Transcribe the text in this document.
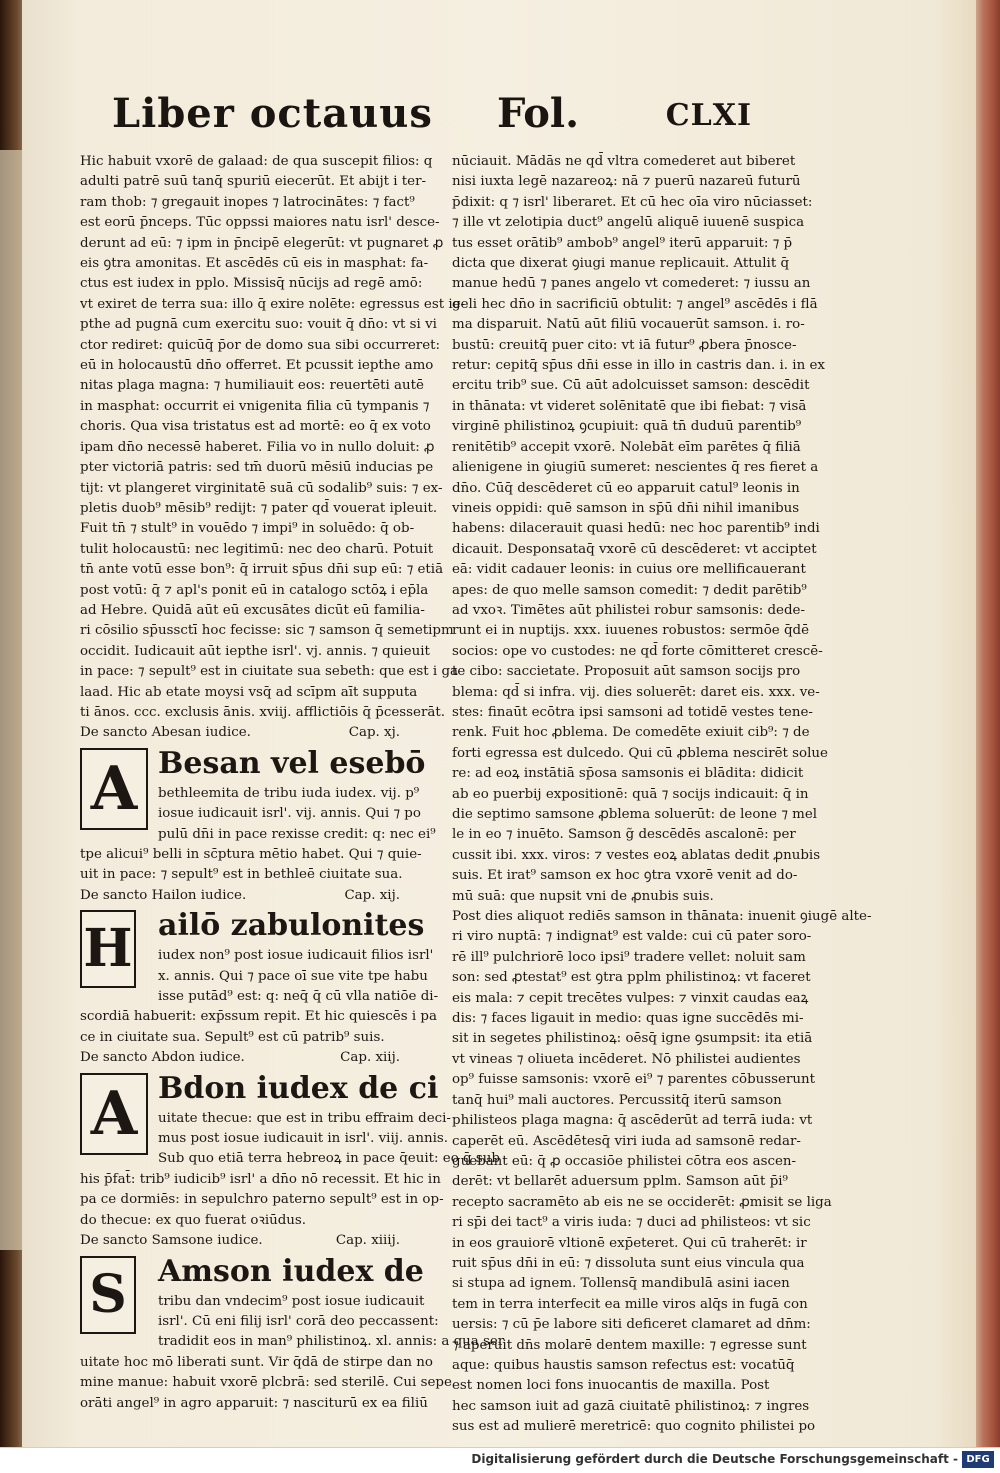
Liber octauus Fol.	CLXI
Hic habuit vxorē de galaad: de qua suscepit filios: q
adulti patrē suū tanq̄ spuriū eiecerūt. Et abijt i ter-
ram thob: ⁊ gregauit inopes ⁊ latrocinātes: ⁊ fact⁹
est eorū p̄nceps. Tūc oppssi maiores natu isrl' desce-
derunt ad eū: ⁊ ipm in p̄ncipē elegerūt: vt pugnaret ꝓ
eis ꝯtra amonitas. Et ascēdēs cū eis in masphat: fa-
ctus est iudex in pplo. Missisq̄ nūcijs ad regē amō:
vt exiret de terra sua: illo q̄ exire nolēte: egressus est ie-
pthe ad pugnā cum exercitu suo: vouit q̄ dn̄o: vt si vi
ctor rediret: quicūq̄ p̄or de domo sua sibi occurreret:
eū in holocaustū dn̄o offerret. Et pcussit iepthe amo
nitas plaga magna: ⁊ humiliauit eos: reuertēti autē
in masphat: occurrit ei vnigenita filia cū tympanis ⁊
choris. Qua visa tristatus est ad mortē: eo q̄ ex voto
ipam dn̄o necessē haberet. Filia vo in nullo doluit: ꝓ
pter victoriā patris: sed tm̄ duorū mēsiū inducias pe
tijt: vt plangeret virginitatē suā cū sodalib⁹ suis: ⁊ ex-
pletis duob⁹ mēsib⁹ redijt: ⁊ pater qd̄ vouerat ipleuit.
Fuit tn̄ ⁊ stult⁹ in vouēdo ⁊ impi⁹ in soluēdo: q̄ ob-
tulit holocaustū: nec legitimū: nec deo charū. Potuit
tn̄ ante votū esse bon⁹: q̄ irruit sp̄us dn̄i sup eū: ⁊ etiā
post votū: q̄ ⁊ apl's ponit eū in catalogo sctōꝝ i ep̄la
ad Hebre. Quidā aūt eū excusātes dicūt eū familia-
ri cōsilio sp̄ussctī hoc fecisse: sic ⁊ samson q̄ semetipm
occidit. Iudicauit aūt iepthe isrl'. vj. annis. ⁊ quieuit
in pace: ⁊ sepult⁹ est in ciuitate sua sebeth: que est i ga
laad. Hic ab etate moysi vsq̄ ad scīpm aīt supputa
ti ānos. ccc. exclusis ānis. xviij. afflictiōis q̄ p̄cesserāt.
De sancto Abesan iudice.	Cap. xj.
A Besan vel esebō
bethleemita de tribu iuda iudex. vij. p⁹
iosue iudicauit isrl'. vij. annis. Qui ⁊ po
pulū dn̄i in pace rexisse credit: q: nec ei⁹
tpe alicui⁹ belli in sc̄ptura mētio habet. Qui ⁊ quie-
uit in pace: ⁊ sepult⁹ est in bethleē ciuitate sua.
De sancto Hailon iudice.	Cap. xij.
H ailō zabulonites
iudex non⁹ post iosue iudicauit filios isrl'
x. annis. Qui ⁊ pace oī sue vite tpe habu
isse putād⁹ est: q: neq̄ q̄ cū vlla natiōe di-
scordiā habuerit: exp̄ssum repit. Et hic quiescēs i pa
ce in ciuitate sua. Sepult⁹ est cū patrib⁹ suis.
De sancto Abdon iudice.	Cap. xiij.
A Bdon iudex de ci
uitate thecue: que est in tribu effraim deci-
mus post iosue iudicauit in isrl'. viij. annis.
Sub quo etiā terra hebreoꝝ in pace q̄euit: eo q̄ sub
his p̄fat̄: trib⁹ iudicib⁹ isrl' a dn̄o nō recessit. Et hic in
pa ce dormiēs: in sepulchro paterno sepult⁹ est in op-
do thecue: ex quo fuerat oꝛiūdus.
De sancto Samsone iudice.	Cap. xiiij.
S	Amson iudex de
tribu dan vndecim⁹ post iosue iudicauit
isrl'. Cū eni filij isrl' corā deo peccassent:
tradidit eos in man⁹ philistinoꝝ. xl. annis: a qua ser
uitate hoc mō liberati sunt. Vir q̄dā de stirpe dan no
mine manue: habuit vxorē plcbrā: sed sterilē. Cui sepe
orāti angel⁹ in agro apparuit: ⁊ nasciturū ex ea filiū
nūciauit. Mādās ne qd̄ vltra comederet aut biberet
nisi iuxta legē nazareoꝝ: nā ⁊ puerū nazareū futurū
p̄dixit: q ⁊ isrl' liberaret. Et cū hec oīa viro nūciasset:
⁊ ille vt zelotipia duct⁹ angelū aliquē iuuenē suspica
tus esset orātib⁹ ambob⁹ angel⁹ iterū apparuit: ⁊ p̄
dicta que dixerat ꝯiugi manue replicauit. Attulit q̄
manue hedū ⁊ panes angelo vt comederet: ⁊ iussu an
geli hec dn̄o in sacrificiū obtulit: ⁊ angel⁹ ascēdēs i flā
ma disparuit. Natū aūt filiū vocauerūt samson. i. ro-
bustū: creuitq̄ puer cito: vt iā futur⁹ ꝓbera p̄nosce-
retur: cepitq̄ sp̄us dn̄i esse in illo in castris dan. i. in ex
ercitu trib⁹ sue. Cū aūt adolcuisset samson: descēdit
in thānata: vt videret solēnitatē que ibi fiebat: ⁊ visā
virginē philistinoꝝ ꝯcupiuit: quā tn̄ duduū parentib⁹
renitētib⁹ accepit vxorē. Nolebāt eīm parētes q̄ filiā
alienigene in ꝯiugiū sumeret: nescientes q̄ res fieret a
dn̄o. Cūq̄ descēderet cū eo apparuit catul⁹ leonis in
vineis oppidi: quē samson in sp̄ū dn̄i nihil imanibus
habens: dilacerauit quasi hedū: nec hoc parentib⁹ indi
dicauit. Desponsataq̄ vxorē cū descēderet: vt acciptet
eā: vidit cadauer leonis: in cuius ore mellificauerant
apes: de quo melle samson comedit: ⁊ dedit parētib⁹
ad vxoꝛ. Timētes aūt philistei robur samsonis: dede-
runt ei in nuptijs. xxx. iuuenes robustos: sermōe q̄dē
socios: ope vo custodes: ne qd̄ forte cōmitteret crescē-
te cibo: saccietate. Proposuit aūt samson socijs pro
blema: qd̄ si infra. vij. dies soluerēt: daret eis. xxx. ve-
stes: finaūt ecōtra ipsi samsoni ad totidē vestes tene-
renk. Fuit hoc ꝓblema. De comedēte exiuit cib⁹: ⁊ de
forti egressa est dulcedo. Qui cū ꝓblema nescirēt solue
re: ad eoꝝ instātiā sp̄osa samsonis ei blādita: didicit
ab eo puerbij expositionē: quā ⁊ socijs indicauit: q̄ in
die septimo samsone ꝓblema soluerūt: de leone ⁊ mel
le in eo ⁊ inuēto. Samson g̃ descēdēs ascalonē: per
cussit ibi. xxx. viros: ⁊ vestes eoꝝ ablatas dedit ꝓnubis
suis. Et irat⁹ samson ex hoc ꝯtra vxorē venit ad do-
mū suā: que nupsit vni de ꝓnubis suis.
Post dies aliquot rediēs samson in thānata: inuenit ꝯiugē alte-
ri viro nuptā: ⁊ indignat⁹ est valde: cui cū pater soro-
rē ill⁹ pulchriorē loco ipsi⁹ tradere vellet: noluit sam
son: sed ꝓtestat⁹ est ꝯtra pplm philistinoꝝ: vt faceret
eis mala: ⁊ cepit trecētes vulpes: ⁊ vinxit caudas eaꝝ
dis: ⁊ faces ligauit in medio: quas igne succēdēs mi-
sit in segetes philistinoꝝ: oēsq̄ igne ꝯsumpsit: ita etiā
vt vineas ⁊ oliueta incēderet. Nō philistei audientes
op⁹ fuisse samsonis: vxorē ei⁹ ⁊ parentes cōbusserunt
tanq̄ hui⁹ mali auctores. Percussitq̄ iterū samson
philisteos plaga magna: q̄ ascēderūt ad terrā iuda: vt
caperēt eū. Ascēdētesq̄ viri iuda ad samsonē redar-
guebant eū: q̄ ꝓ occasiōe philistei cōtra eos ascen-
derēt: vt bellarēt aduersum pplm. Samson aūt p̄i⁹
recepto sacramēto ab eis ne se occiderēt: ꝓmisit se liga
ri sp̄i dei tact⁹ a viris iuda: ⁊ duci ad philisteos: vt sic
in eos grauiorē vltionē exp̄eteret. Qui cū traherēt: ir
ruit sp̄us dn̄i in eū: ⁊ dissoluta sunt eius vincula qua
si stupa ad ignem. Tollensq̄ mandibulā asini iacen
tem in terra interfecit ea mille viros alq̄s in fugā con
uersis: ⁊ cū p̄e labore siti deficeret clamaret ad dn̄m:
⁊ aperuit dn̄s molarē dentem maxille: ⁊ egresse sunt
aque: quibus haustis samson refectus est: vocatūq̄
est nomen loci fons inuocantis de maxilla. Post
hec samson iuit ad gazā ciuitatē philistinoꝝ: ⁊ ingres
sus est ad mulierē meretricē: quo cognito philistei po
Digitalisierung gefördert durch die Deutsche Forschungsgemeinschaft - DFG
